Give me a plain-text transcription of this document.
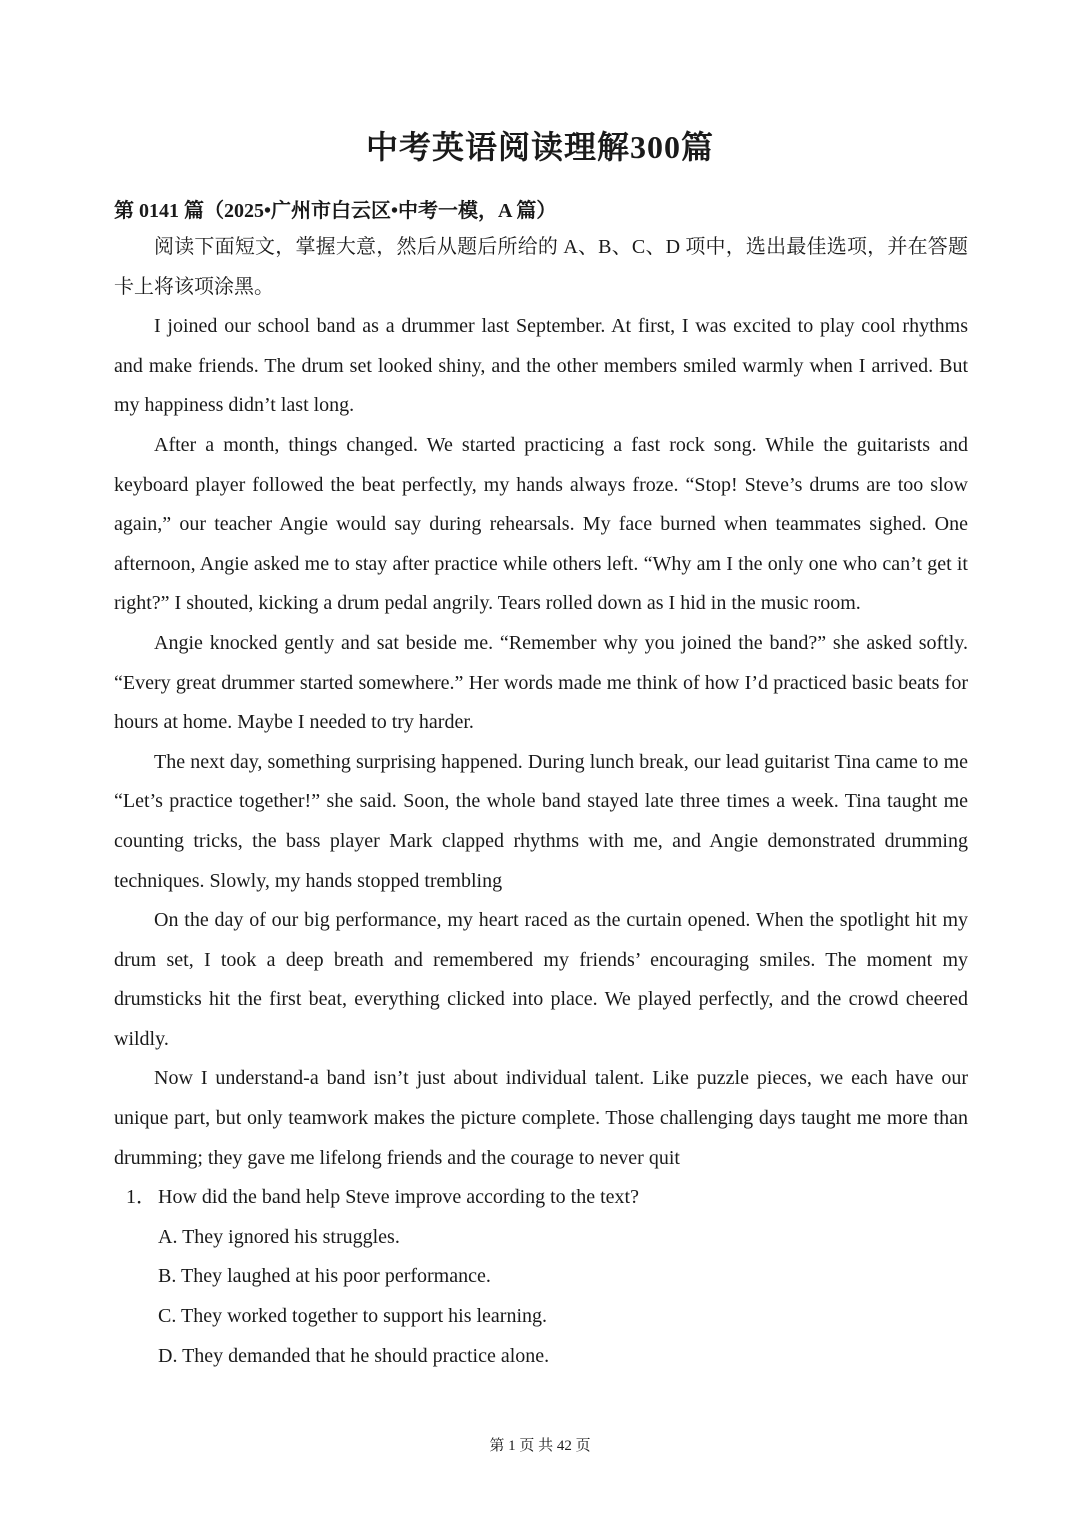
中考英语阅读理解300篇
第 0141 篇（2025•广州市白云区•中考一模，A 篇）

阅读下面短文，掌握大意，然后从题后所给的 A、B、C、D 项中，选出最佳选项，并在答题卡上将该项涂黑。

I joined our school band as a drummer last September. At first, I was excited to play cool rhythms and make friends. The drum set looked shiny, and the other members smiled warmly when I arrived. But my happiness didn’t last long.

After a month, things changed. We started practicing a fast rock song. While the guitarists and keyboard player followed the beat perfectly, my hands always froze. “Stop! Steve’s drums are too slow again,” our teacher Angie would say during rehearsals. My face burned when teammates sighed. One afternoon, Angie asked me to stay after practice while others left. “Why am I the only one who can’t get it right?” I shouted, kicking a drum pedal angrily. Tears rolled down as I hid in the music room.

Angie knocked gently and sat beside me. “Remember why you joined the band?” she asked softly. “Every great drummer started somewhere.” Her words made me think of how I’d practiced basic beats for hours at home. Maybe I needed to try harder.

The next day, something surprising happened. During lunch break, our lead guitarist Tina came to me “Let’s practice together!” she said. Soon, the whole band stayed late three times a week. Tina taught me counting tricks, the bass player Mark clapped rhythms with me, and Angie demonstrated drumming techniques. Slowly, my hands stopped trembling

On the day of our big performance, my heart raced as the curtain opened. When the spotlight hit my drum set, I took a deep breath and remembered my friends’ encouraging smiles. The moment my drumsticks hit the first beat, everything clicked into place. We played perfectly, and the crowd cheered wildly.

Now I understand-a band isn’t just about individual talent. Like puzzle pieces, we each have our unique part, but only teamwork makes the picture complete. Those challenging days taught me more than drumming; they gave me lifelong friends and the courage to never quit

1． How did the band help Steve improve according to the text?
A. They ignored his struggles.
B. They laughed at his poor performance.
C. They worked together to support his learning.
D. They demanded that he should practice alone.
第 1 页 共 42 页
